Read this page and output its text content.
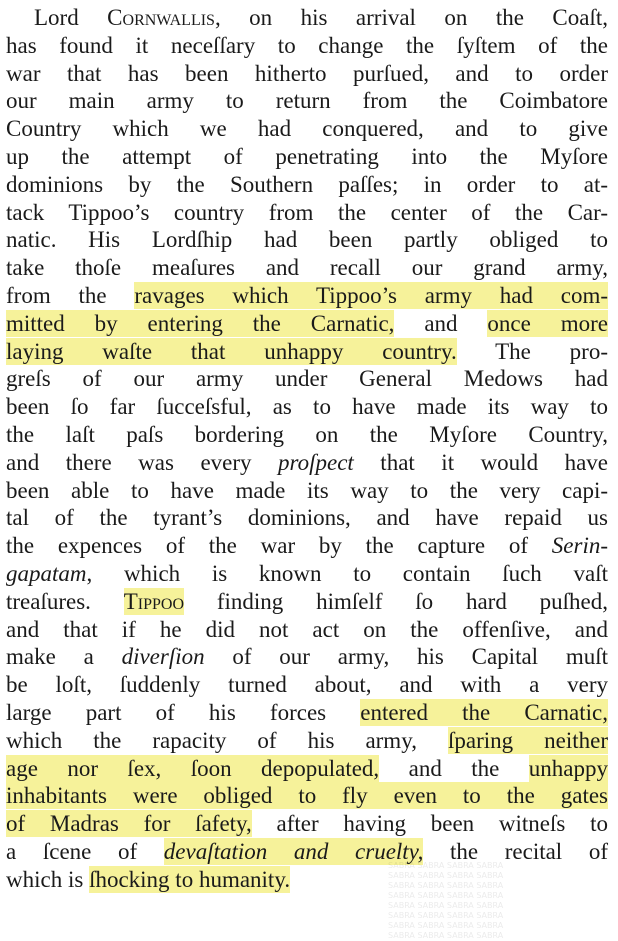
Lord Cornwallis, on his arrival on the Coaſt,
has found it neceſſary to change the ſyſtem of the
war that has been hitherto purſued, and to order
our main army to return from the Coimbatore
Country which we had conquered, and to give
up the attempt of penetrating into the Myſore
dominions by the Southern paſſes; in order to at-
tack Tippoo’s country from the center of the Car-
natic. His Lordſhip had been partly obliged to
take thoſe meaſures and recall our grand army,
from the ravages which Tippoo’s army had com-
mitted by entering the Carnatic, and once more
laying waſte that unhappy country. The pro-
greſs of our army under General Medows had
been ſo far ſucceſsful, as to have made its way to
the laſt paſs bordering on the Myſore Country,
and there was every proſpect that it would have
been able to have made its way to the very capi-
tal of the tyrant’s dominions, and have repaid us
the expences of the war by the capture of Serin-
gapatam, which is known to contain ſuch vaſt
treaſures. Tippoo finding himſelf ſo hard puſhed,
and that if he did not act on the offenſive, and
make a diverſion of our army, his Capital muſt
be loſt, ſuddenly turned about, and with a very
large part of his forces entered the Carnatic,
which the rapacity of his army, ſparing neither
age nor ſex, ſoon depopulated, and the unhappy
inhabitants were obliged to fly even to the gates
of Madras for ſafety, after having been witneſs to
a ſcene of devaſtation and cruelty, the recital of
which is ſhocking to humanity.
SABRA SABRA SABRA SABRA
SABRA SABRA SABRA SABRA
SABRA SABRA SABRA SABRA
SABRA SABRA SABRA SABRA
SABRA SABRA SABRA SABRA
SABRA SABRA SABRA SABRA
SABRA SABRA SABRA SABRA
SABRA SABRA SABRA SABRA
